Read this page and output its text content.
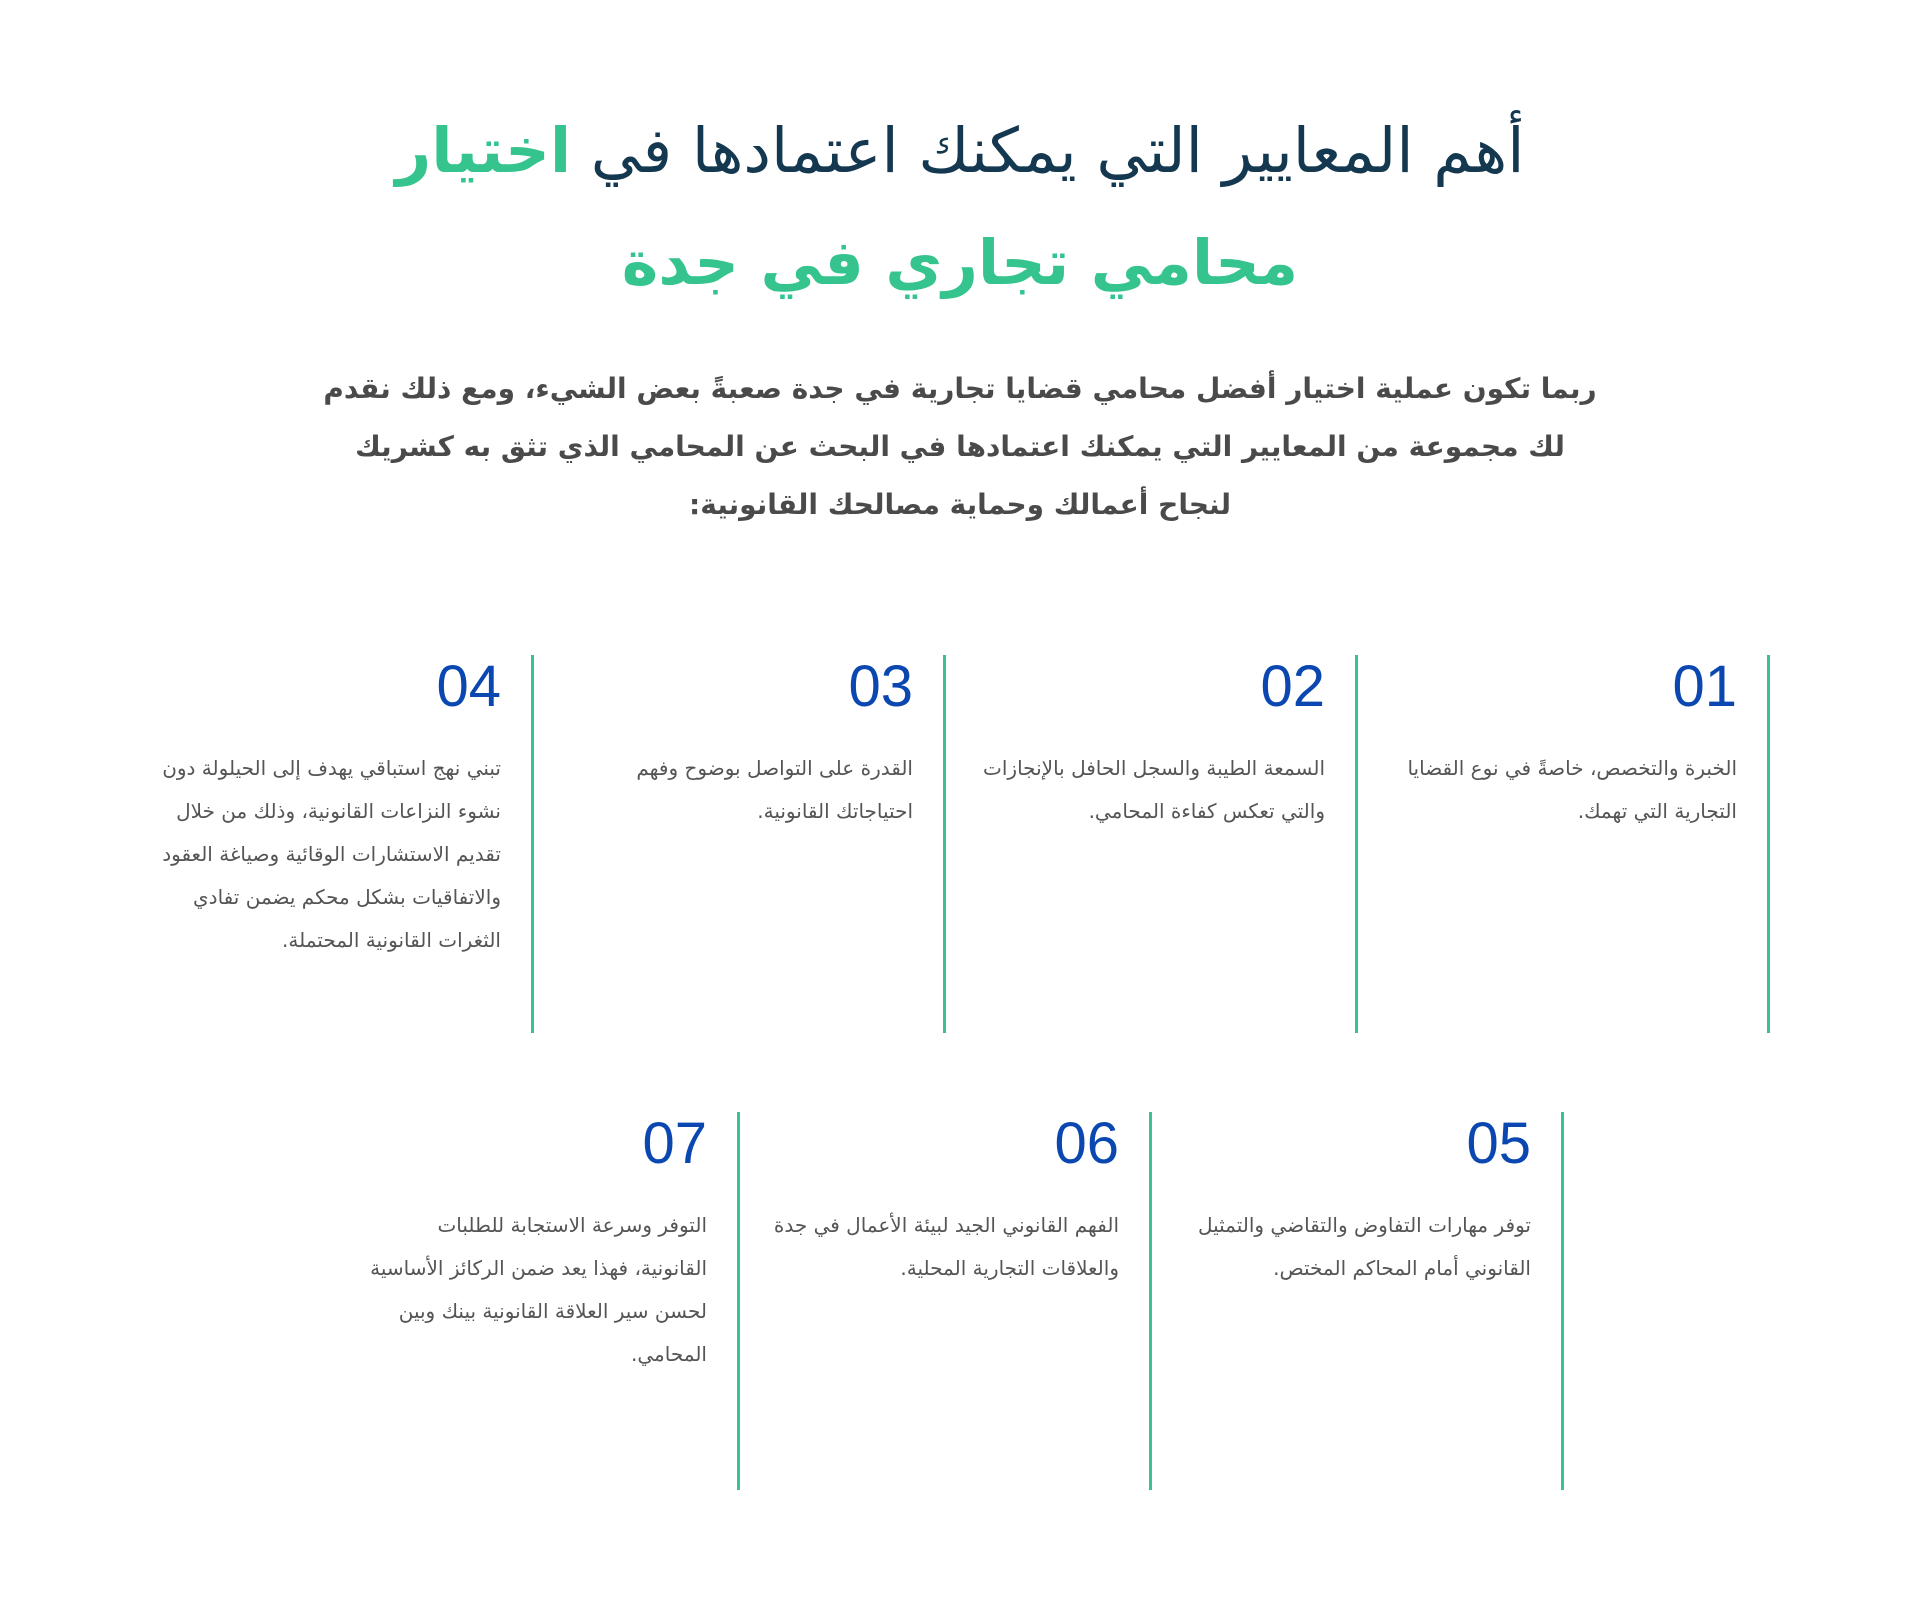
أهم المعايير التي يمكنك اعتمادها في اختيار
محامي تجاري في جدة

ربما تكون عملية اختيار أفضل محامي قضايا تجارية في جدة صعبةً بعض الشيء، ومع ذلك نقدم لك مجموعة من المعايير التي يمكنك اعتمادها في البحث عن المحامي الذي تثق به كشريك لنجاح أعمالك وحماية مصالحك القانونية:

01

الخبرة والتخصص، خاصةً في نوع القضايا التجارية التي تهمك.

02

السمعة الطيبة والسجل الحافل بالإنجازات والتي تعكس كفاءة المحامي.

03

القدرة على التواصل بوضوح وفهم احتياجاتك القانونية.

04

تبني نهج استباقي يهدف إلى الحيلولة دون نشوء النزاعات القانونية، وذلك من خلال تقديم الاستشارات الوقائية وصياغة العقود والاتفاقيات بشكل محكم يضمن تفادي الثغرات القانونية المحتملة.

05

توفر مهارات التفاوض والتقاضي والتمثيل القانوني أمام المحاكم المختص.

06

الفهم القانوني الجيد لبيئة الأعمال في جدة والعلاقات التجارية المحلية.

07

التوفر وسرعة الاستجابة للطلبات القانونية، فهذا يعد ضمن الركائز الأساسية لحسن سير العلاقة القانونية بينك وبين المحامي.
